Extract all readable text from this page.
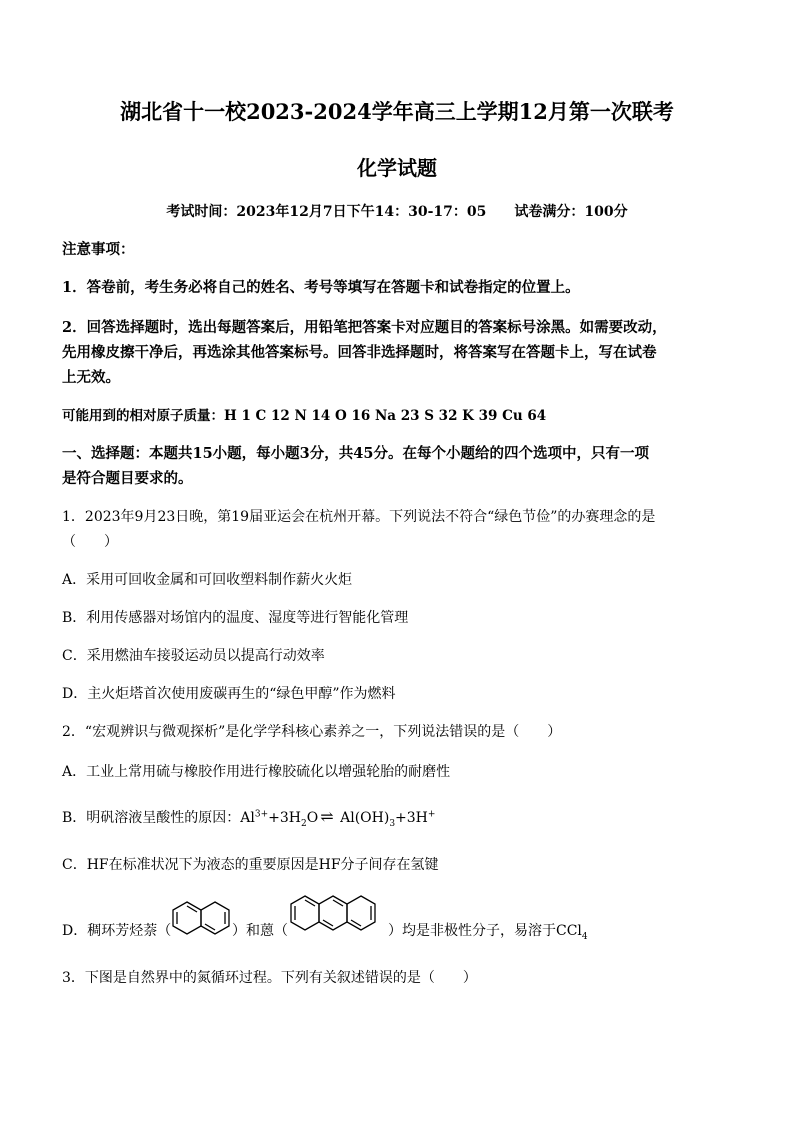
湖北省十一校2023-2024学年高三上学期12月第一次联考
化学试题
考试时间：2023年12月7日下午14：30-17：05　　试卷满分：100分
注意事项：
1．答卷前，考生务必将自己的姓名、考号等填写在答题卡和试卷指定的位置上。
2．回答选择题时，选出每题答案后，用铅笔把答案卡对应题目的答案标号涂黑。如需要改动，
先用橡皮擦干净后，再选涂其他答案标号。回答非选择题时，将答案写在答题卡上，写在试卷
上无效。
可能用到的相对原子质量：H 1 C 12 N 14 O 16 Na 23 S 32 K 39 Cu 64
一、选择题：本题共15小题，每小题3分，共45分。在每个小题给的四个选项中，只有一项
是符合题目要求的。
1．2023年9月23日晚，第19届亚运会在杭州开幕。下列说法不符合“绿色节俭”的办赛理念的是
（　　）
A．采用可回收金属和可回收塑料制作薪火火炬
B．利用传感器对场馆内的温度、湿度等进行智能化管理
C．采用燃油车接驳运动员以提高行动效率
D．主火炬塔首次使用废碳再生的“绿色甲醇”作为燃料
2．“宏观辨识与微观探析”是化学学科核心素养之一，下列说法错误的是（　　）
A．工业上常用硫与橡胶作用进行橡胶硫化以增强轮胎的耐磨性
B．明矾溶液呈酸性的原因：$Al^{3+}+3H_2O$ ⇌ $Al(OH)_3+3H^+$
C．HF在标准状况下为液态的重要原因是HF分子间存在氢键
D．稠环芳烃萘（	）和蒽（	）均是非极性分子，易溶于CCl$_4$
3．下图是自然界中的氮循环过程。下列有关叙述错误的是（　　）
